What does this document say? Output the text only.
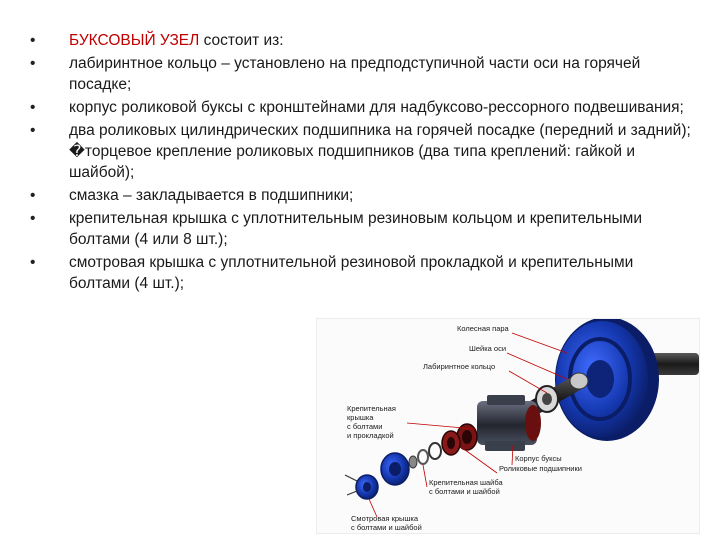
•	БУКСОВЫЙ УЗЕЛ состоит из:
•	лабиринтное кольцо – установлено на предподступичной части оси на горячей посадке;
•	корпус роликовой буксы с кронштейнами для надбуксово-рессорного подвешивания;
•	два роликовых цилиндрических подшипника на горячей посадке (передний и задний); �торцевое крепление роликовых подшипников (два типа креплений: гайкой и шайбой);
•	смазка – закладывается в подшипники;
•	крепительная крышка с уплотнительным резиновым кольцом и крепительными болтами (4 или 8 шт.);
•	смотровая крышка с уплотнительной резиновой прокладкой и крепительными болтами (4 шт.);
Колесная пара
Шейка оси
Лабиринтное кольцо
Крепительная
крышка
с болтами
и прокладкой
Корпус буксы
Роликовые подшипники
Крепительная шайба
с болтами и шайбой
Смотровая крышка
с болтами и шайбой
